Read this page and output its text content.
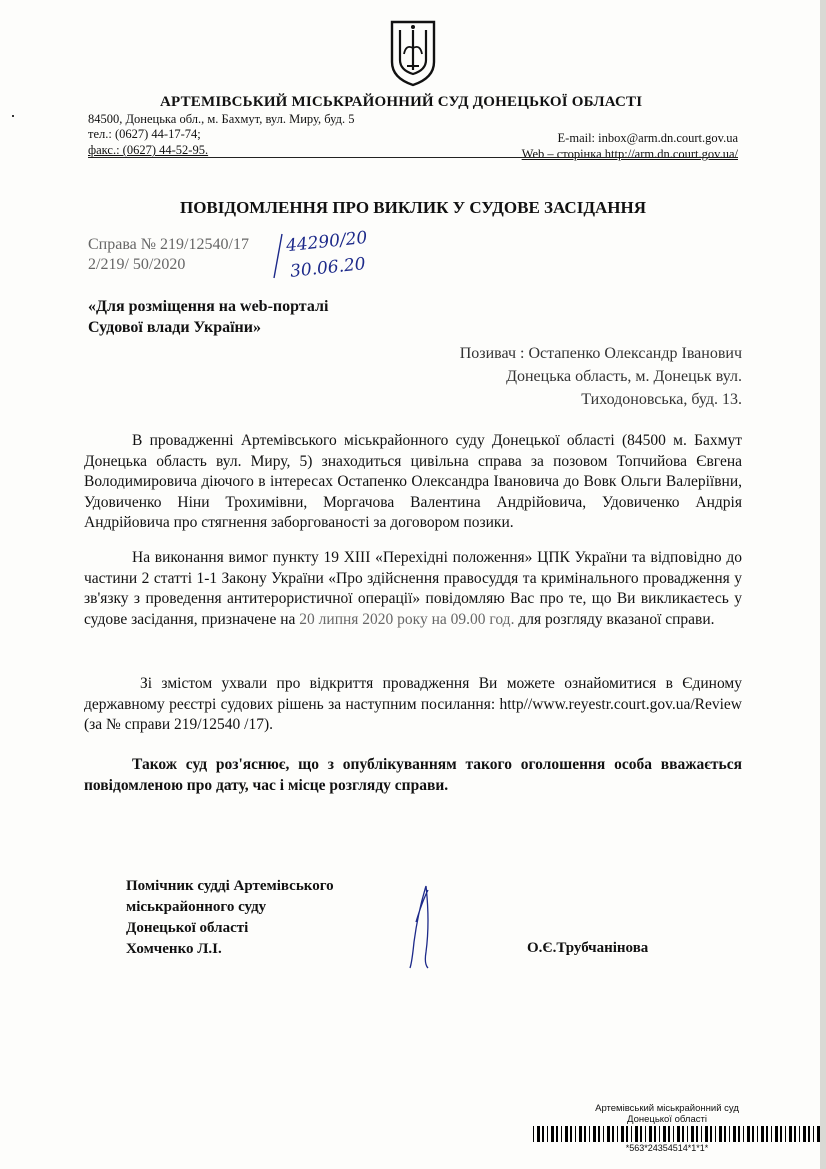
АРТЕМІВСЬКИЙ МІСЬКРАЙОННИЙ СУД ДОНЕЦЬКОЇ ОБЛАСТІ
84500, Донецька обл., м. Бахмут, вул. Миру, буд. 5
тел.: (0627) 44-17-74;
факс.: (0627) 44-52-95.
E-mail: inbox@arm.dn.court.gov.ua
Web – сторінка http://arm.dn.court.gov.ua/
ПОВІДОМЛЕННЯ ПРО ВИКЛИК У СУДОВЕ ЗАСІДАННЯ
Справа № 219/12540/17
2/219/ 50/2020
44290/20
30.06.20
«Для розміщення на web-порталі
Судової влади України»
Позивач : Остапенко Олександр Іванович
Донецька область, м. Донецьк вул.
Тиходоновська, буд. 13.

В провадженні Артемівського міськрайонного суду Донецької області (84500 м. Бахмут Донецька область вул. Миру, 5) знаходиться цивільна справа за позовом Топчийова Євгена Володимировича діючого в інтересах Остапенко Олександра Івановича до Вовк Ольги Валеріївни, Удовиченко Ніни Трохимівни, Моргачова Валентина Андрійовича, Удовиченко Андрія Андрійовича про стягнення заборгованості за договором позики.

На виконання вимог пункту 19 ХІІІ «Перехідні положення» ЦПК України та відповідно до частини 2 статті 1-1 Закону України «Про здійснення правосуддя та кримінального провадження у зв'язку з проведення антитерористичної операції» повідомляю Вас про те, що Ви викликаєтесь у судове засідання, призначене на 20 липня 2020 року на 09.00 год. для розгляду вказаної справи.

Зі змістом ухвали про відкриття провадження Ви можете ознайомитися в Єдиному державному реєстрі судових рішень за наступним посилання: http//www.reyestr.court.gov.ua/Review (за № справи 219/12540 /17).

Також суд роз'яснює, що з опублікуванням такого оголошення особа вважається повідомленою про дату, час і місце розгляду справи.
Помічник судді Артемівського
міськрайонного суду
Донецької області
Хомченко Л.І.	О.Є.Трубчанінова
Артемівський міськрайонний суд
Донецької області
*563*24354514*1*1*
